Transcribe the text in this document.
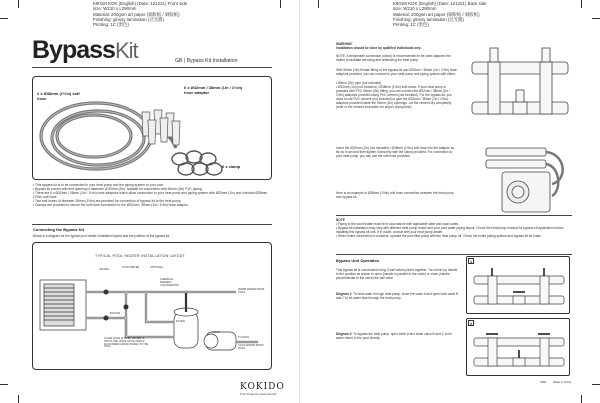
K901M KOK (English) (Date: 121221) Front side
size: W210 x L290mm
Material: 200gsm art paper (铜版纸 / 铜版纸)
Finishing: glossy lamination (过光膜)
Printing: 1C (黑色)
BypassKit	GB | Bypass Kit Installation
2 x Ø38mm (1½in) soft hose
6 x Ø32mm / 38mm (1in / 1½in) hose adaptor
6 x clamp
• This bypass kit is to be connected to your heat pump and the piping system to your pool.
• Bypass kit comes with end opening in diameter of 50mm (2in), suitable for connection with 50mm (2in) PVC piping.
• There are 6 x Ø32mm / 38mm (1in / 1½in) hose adaptors which allow connection to your heat pump and piping system with Ø32mm (1in) and included Ø38mm (1½in) soft hose.
• Two soft hoses of diameter 38mm (1½in) are provided for connection of bypass kit to the heat pump.
• Clamps are provided to secure the soft hose connection to the Ø32mm / 38mm (1in / 1½in) hose adaptor.
Connecting the Bypass Kit
Below is a diagram for the typical pool heater installation layout and the position of the bypass kit.
TYPICAL POOL HEATER INSTALLATION LAYOUT
VALVES
FLOW METER	OPTIONAL
CHEMICAL FEEDER / CHLORINATOR
WARM WATER FROM POOL
BYPASS
FILTER
PUMP
COLD WATER FROM POOL
TO POOL
CLOSE VALVE @ WHEN HEATER IS NOT IN USE. LEAVE VALVE OPEN IF NO FILTERED WATER PASSES TO THE POOL
KOKIDO
Pool Products International
K901M KOK (English) (Date: 121221) Back side
size: W210 x L290mm
Material: 200gsm art paper (铜版纸 / 铜版纸)
Finishing: glossy lamination (过光膜)
Printing: 1C (黑色)
WARNING!
Installation should be done by qualified individuals only.
NOTE: A detachable connection (union) is recommended to be used adjacent the heater to facilitate servicing and winterizing the heat pump.
With 50mm (2in) female fitting of the bypass kit and Ø32mm / 38mm (1in / 1½in) hose adaptors provided, you can connect to your heat pump and piping system with either:
• 50mm (2in) pipe (not included)
• Ø32mm (1in) (not included) / Ø38mm (1½in) soft hoses. If your heat pump is provided with PVC 50mm (2in) fitting, you can connect the Ø32mm / 38mm (1in / 1½in) adaptors provided using PVC cement (not included). For the bypass kit, you need to use PVC cement (not included) to glue the Ø32mm / 38mm (1in / 1½in) adaptors provided inside the 50mm (2in) openings. Let the cement dry completely (refer to the cement instruction for proper drying time).
Insert the Ø32mm (1in) (not included) / Ø38mm (1½in) soft hose into the adaptor as far as it can and then tighten it securely with the clamp provided. For connection to your heat pump, you can use the soft hose provided.
Here is an example of Ø38mm (1½in) soft hose connection between the heat pump and bypass kit.
NOTE
• Piping to the pool heater must be in accordance with applicable state and local codes.
• Bypass kit installation may vary with different heat pump model and your pool water piping layout. Check the heat pump manual for bypass kit application before installing this bypass kit unit. If in doubt, consult with your heat pump dealer.
• When entire connection is complete, operate the pool filter pump with the heat pump off. Check the entire piping system and bypass kit for leaks.
Bypass Unit Operation
This bypass kit is constructed using 3 ball valves joined together. Turn their top handle to the position as shown to open (handle in parallel to the valve) or close (handle perpendicular to the valve) the ball valve.
Diagram 1: To heat water through heat pump: close the valve A and open both valve B and C to let water flow through the heat pump.
Diagram 2: To bypass the heat pump, open valve A and close valve B and C to let water return to the pool directly.
1
2
K901 Made in China
